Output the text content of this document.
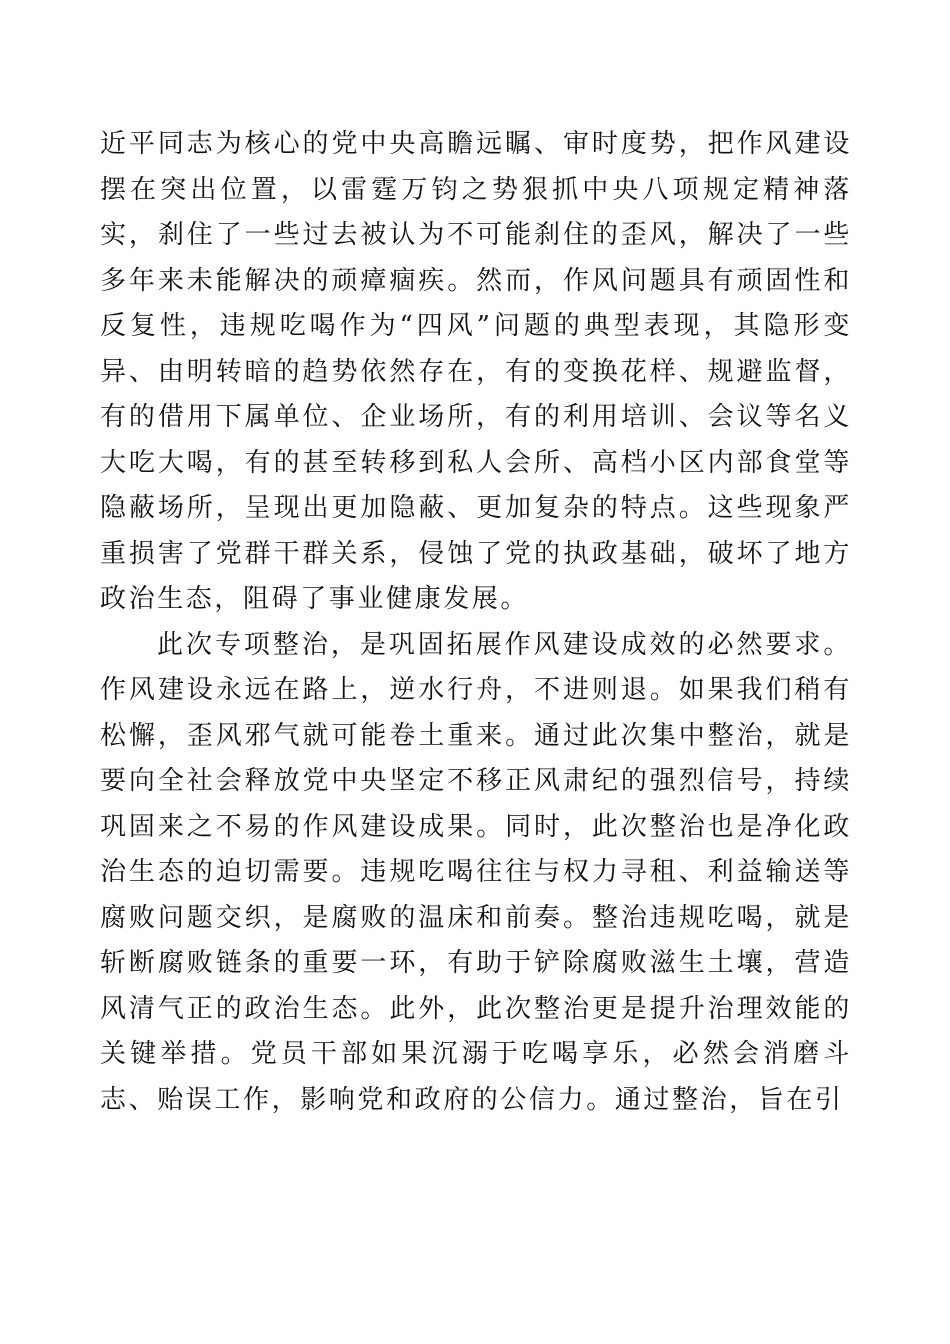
近平同志为核心的党中央高瞻远瞩、审时度势，把作风建设摆在突出位置，以雷霆万钧之势狠抓中央八项规定精神落实，刹住了一些过去被认为不可能刹住的歪风，解决了一些多年来未能解决的顽瘴痼疾。然而，作风问题具有顽固性和反复性，违规吃喝作为“四风”问题的典型表现，其隐形变异、由明转暗的趋势依然存在，有的变换花样、规避监督，有的借用下属单位、企业场所，有的利用培训、会议等名义大吃大喝，有的甚至转移到私人会所、高档小区内部食堂等隐蔽场所，呈现出更加隐蔽、更加复杂的特点。这些现象严重损害了党群干群关系，侵蚀了党的执政基础，破坏了地方政治生态，阻碍了事业健康发展。

此次专项整治，是巩固拓展作风建设成效的必然要求。作风建设永远在路上，逆水行舟，不进则退。如果我们稍有松懈，歪风邪气就可能卷土重来。通过此次集中整治，就是要向全社会释放党中央坚定不移正风肃纪的强烈信号，持续巩固来之不易的作风建设成果。同时，此次整治也是净化政治生态的迫切需要。违规吃喝往往与权力寻租、利益输送等腐败问题交织，是腐败的温床和前奏。整治违规吃喝，就是斩断腐败链条的重要一环，有助于铲除腐败滋生土壤，营造风清气正的政治生态。此外，此次整治更是提升治理效能的关键举措。党员干部如果沉溺于吃喝享乐，必然会消磨斗志、贻误工作，影响党和政府的公信力。通过整治，旨在引
